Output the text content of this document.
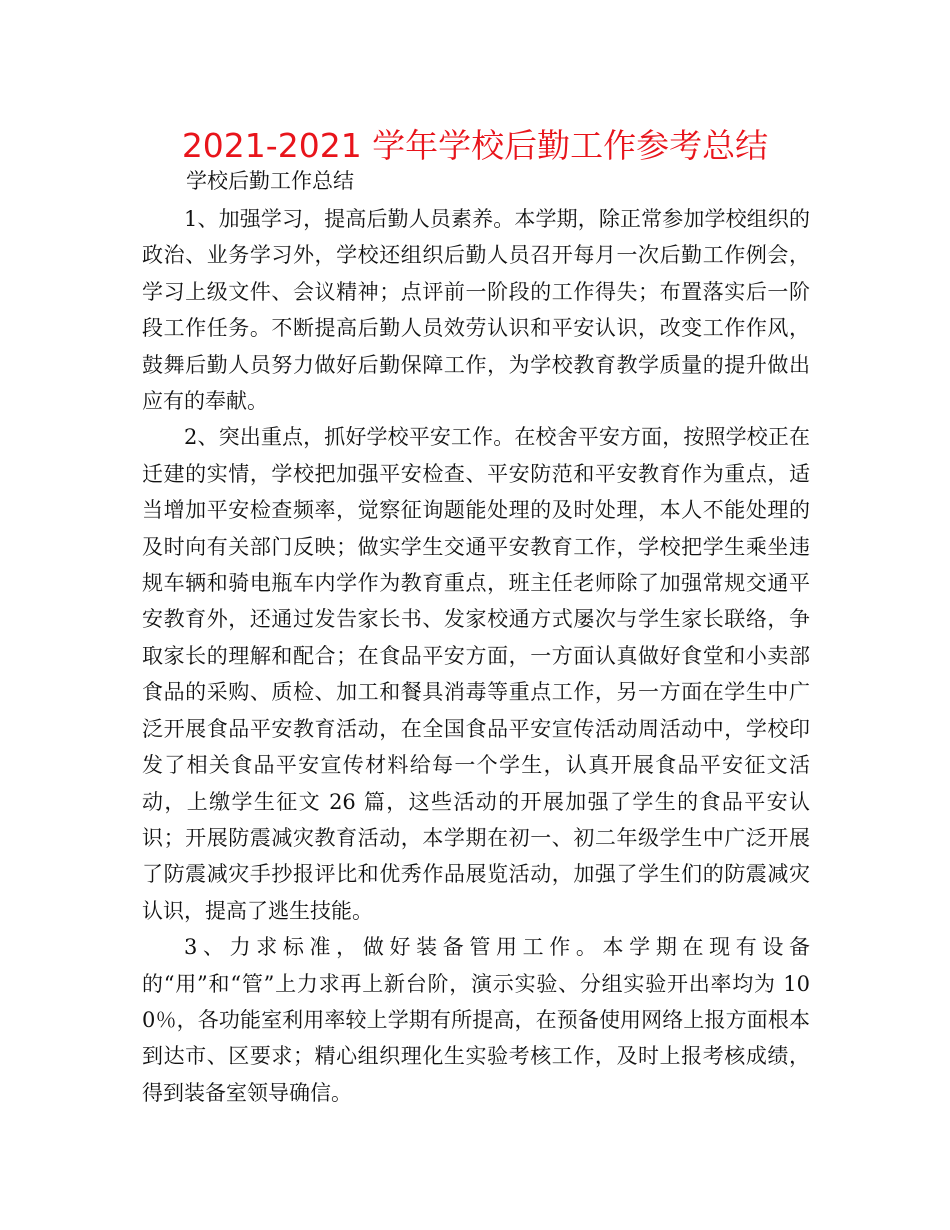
2021-2021 学年学校后勤工作参考总结

学校后勤工作总结

1、加强学习，提高后勤人员素养。本学期，除正常参加学校组织的政治、业务学习外，学校还组织后勤人员召开每月一次后勤工作例会，学习上级文件、会议精神；点评前一阶段的工作得失；布置落实后一阶段工作任务。不断提高后勤人员效劳认识和平安认识，改变工作作风，鼓舞后勤人员努力做好后勤保障工作，为学校教育教学质量的提升做出应有的奉献。

2、突出重点，抓好学校平安工作。在校舍平安方面，按照学校正在迁建的实情，学校把加强平安检查、平安防范和平安教育作为重点，适当增加平安检查频率，觉察征询题能处理的及时处理，本人不能处理的及时向有关部门反映；做实学生交通平安教育工作，学校把学生乘坐违规车辆和骑电瓶车内学作为教育重点，班主任老师除了加强常规交通平安教育外，还通过发告家长书、发家校通方式屡次与学生家长联络，争取家长的理解和配合；在食品平安方面，一方面认真做好食堂和小卖部食品的采购、质检、加工和餐具消毒等重点工作，另一方面在学生中广泛开展食品平安教育活动，在全国食品平安宣传活动周活动中，学校印发了相关食品平安宣传材料给每一个学生，认真开展食品平安征文活动，上缴学生征文 26 篇，这些活动的开展加强了学生的食品平安认识；开展防震减灾教育活动，本学期在初一、初二年级学生中广泛开展了防震减灾手抄报评比和优秀作品展览活动，加强了学生们的防震减灾认识，提高了逃生技能。

3、力求标准，做好装备管用工作。本学期在现有设备的“用”和“管”上力求再上新台阶，演示实验、分组实验开出率均为 100％，各功能室利用率较上学期有所提高，在预备使用网络上报方面根本到达市、区要求；精心组织理化生实验考核工作，及时上报考核成绩，得到装备室领导确信。
